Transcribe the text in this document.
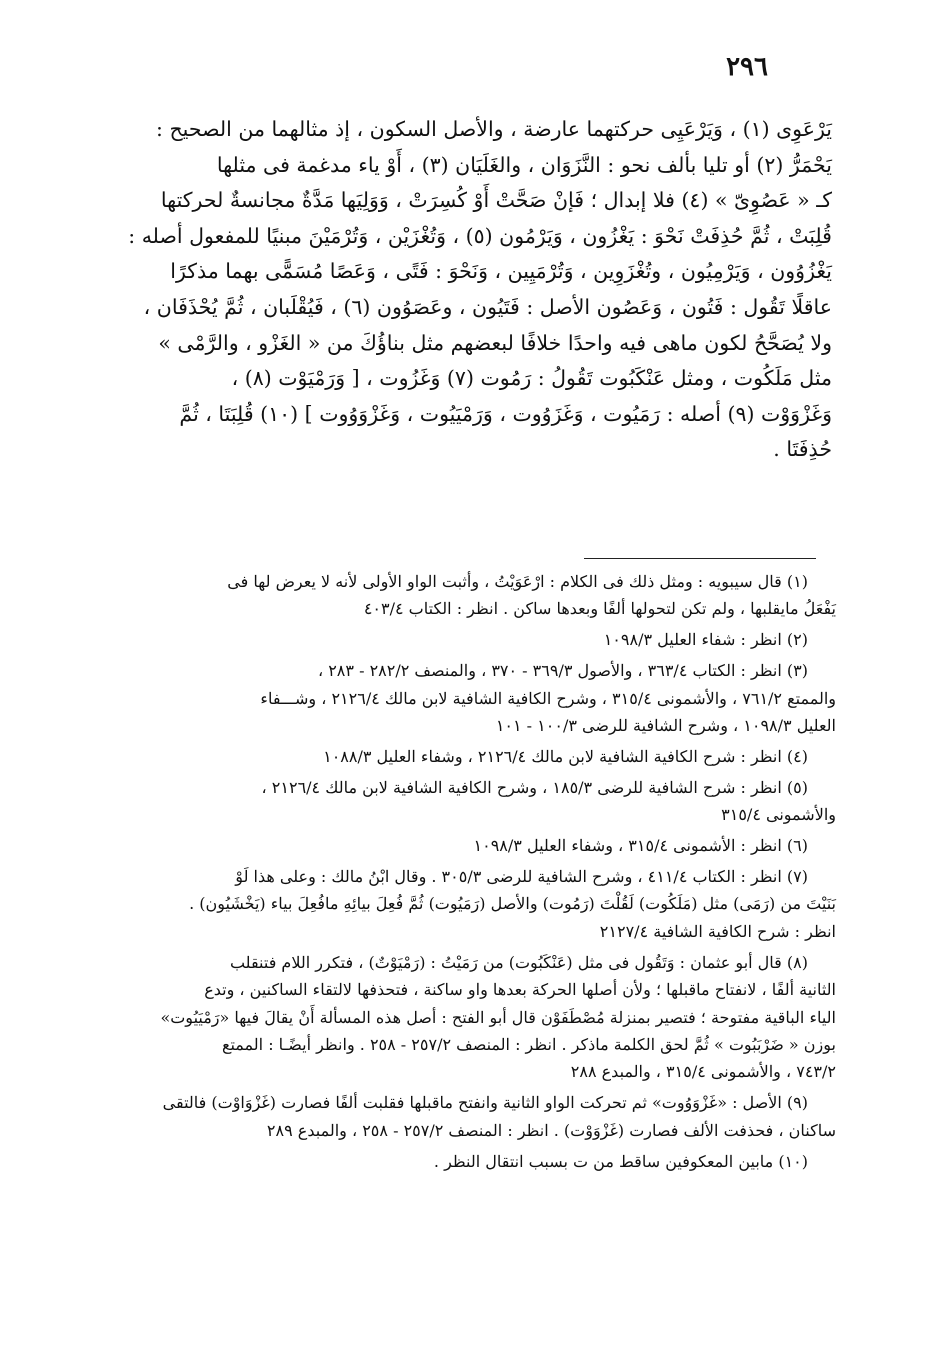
٢٩٦

يَرْعَوِى (١) ، وَيَرْعَيِى حركتهما عارضة ، والأصل السكون ، إذ مثالهما من الصحيح :

يَحْمَرُّ (٢) أو تليا بألف نحو : النَّزَوَان ، والغَلَيَان (٣) ، أَوْ ياء مدغمة فى مثلها

كـ « عَصُوِىّ » (٤) فلا إبدال ؛ فَإنْ صَحَّتْ أَوْ كُسِرَتْ ، وَوَلِيَها مَدَّةٌ مجانسةٌ لحركتها

قُلِبَتْ ، ثُمَّ حُذِفَتْ نَحْوَ : يَغْزُون ، وَيَرْمُون (٥) ، وَتُغْزَيْن ، وَتُرْمَيْنَ مبنيًا للمفعول أصله :

يَغْزُوُون ، وَيَرْمِيُون ، وتُغْزَوِين ، وَتُرْمَيِين ، وَنَحْوَ : فَتًى ، وَعَصًا مُسَمًّى بهما مذكرًا

عاقلًا تَقُول : فَتُون ، وَعَصُون الأصل : فَتَيُون ، وعَصَوُون (٦) ، فَيُقْلَبان ، ثُمَّ يُحْذَفَان ،

ولا يُصَحَّحُ لكون ماهى فيه واحدًا خلافًا لبعضهم مثل بناؤُكَ من « الغَزْو ، والرَّمْى »

مثل مَلَكُوت ، ومثل عَنْكَبُوت تَقُولُ : رَمُوت (٧) وَغَزُوت ، [ وَرَمْيَوْت (٨) ،

وَغَزْوَوْت (٩) أصله : رَمَيُوت ، وَغَزَوُوت ، وَرَمْيَيُوت ، وَغَزْوَوُوت ] (١٠) قُلِبَتَا ، ثُمَّ

حُذِفَتَا .

(١) قال سيبويه : ومثل ذلك فى الكلام : ارْعَوَيْتُ ، وأثبت الواو الأولى لأنه لا يعرض لها فى
يَفْعَلُ مايقلبها ، ولم تكن لتحولها ألفًا وبعدها ساكن . انظر : الكتاب ٤٠٣/٤
(٢) انظر : شفاء العليل ١٠٩٨/٣
(٣) انظر : الكتاب ٣٦٣/٤ ، والأصول ٣٦٩/٣ - ٣٧٠ ، والمنصف ٢٨٢/٢ - ٢٨٣ ،
والممتع ٧٦١/٢ ، والأشمونى ٣١٥/٤ ، وشرح الكافية الشافية لابن مالك ٢١٢٦/٤ ، وشـــفاء
العليل ١٠٩٨/٣ ، وشرح الشافية للرضى ١٠٠/٣ - ١٠١
(٤) انظر : شرح الكافية الشافية لابن مالك ٢١٢٦/٤ ، وشفاء العليل ١٠٨٨/٣
(٥) انظر : شرح الشافية للرضى ١٨٥/٣ ، وشرح الكافية الشافية لابن مالك ٢١٢٦/٤ ،
والأشمونى ٣١٥/٤
(٦) انظر : الأشمونى ٣١٥/٤ ، وشفاء العليل ١٠٩٨/٣
(٧) انظر : الكتاب ٤١١/٤ ، وشرح الشافية للرضى ٣٠٥/٣ . وقال ابْنُ مالك : وعلى هذا لَوْ
بَنَيْتَ من (رَمَى) مثل (مَلَكُوت) لَقُلْتَ (رَمُوت) والأصل (رَمَيُوت) ثُمَّ فُعِلَ بيائِهِ مافُعِلَ بياء (يَخْشَيُون) .
انظر : شرح الكافية الشافية ٢١٢٧/٤
(٨) قال أبو عثمان : وَتَقُول فى مثل (عَنْكَبُوت) من رَمَيْتُ : (رَمْيَوْتٌ) ، فتكرر اللام فتنقلب
الثانية ألفًا ، لانفتاح ماقبلها ؛ ولأن أصلها الحركة بعدها واو ساكنة ، فتحذفها لالتقاء الساكنين ، وتدع
الياء الباقية مفتوحة ؛ فتصير بمنزلة مُصْطَفَوْن قال أبو الفتح : أصل هذه المسألة أَنْ يقالَ فيها «رَمْيَيُوت»
بوزن « ضَرْبَبُوت » ثُمَّ لحق الكلمة ماذكر . انظر : المنصف ٢٥٧/٢ - ٢٥٨ . وانظر أيضًـا : الممتع
٧٤٣/٢ ، والأشمونى ٣١٥/٤ ، والمبدع ٢٨٨
(٩) الأصل : «غَزْوَوُوت» ثم تحركت الواو الثانية وانفتح ماقبلها فقلبت ألفًا فصارت (غَزْوَاوْت) فالتقى
ساكنان ، فحذفت الألف فصارت (غَزْوَوْت) . انظر : المنصف ٢٥٧/٢ - ٢٥٨ ، والمبدع ٢٨٩
(١٠) مابين المعكوفين ساقط من ت بسبب انتقال النظر .
